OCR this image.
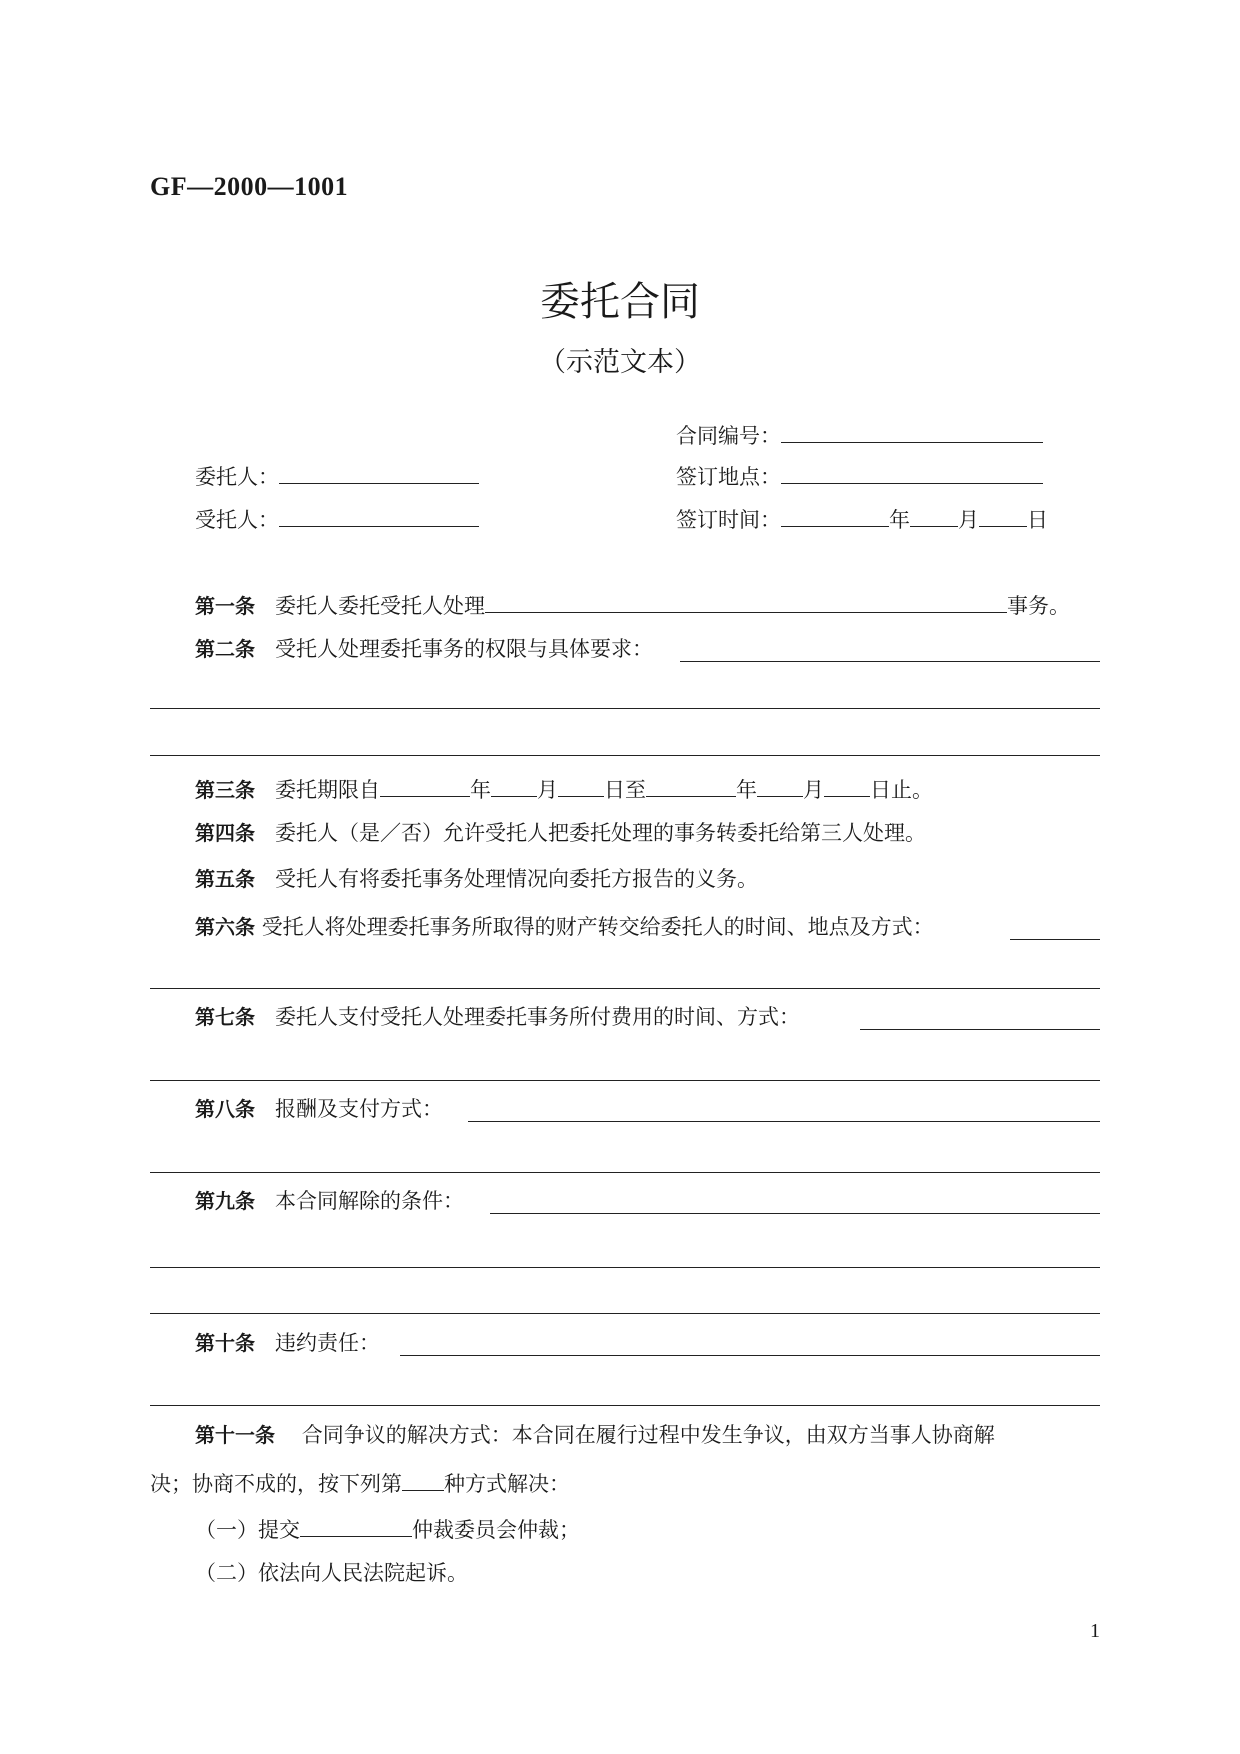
GF—2000—1001
委托合同
（示范文本）
合同编号：
委托人：	签订地点：
受托人：	签订时间：	年 月 日
第一条 委托人委托受托人处理	事务。
第二条 受托人处理委托事务的权限与具体要求：
第三条 委托期限自	年 月 日至	年 月 日止。
第四条 委托人（是／否）允许受托人把委托处理的事务转委托给第三人处理。
第五条 受托人有将委托事务处理情况向委托方报告的义务。
第六条 受托人将处理委托事务所取得的财产转交给委托人的时间、地点及方式：
第七条 委托人支付受托人处理委托事务所付费用的时间、方式：
第八条 报酬及支付方式：
第九条 本合同解除的条件：
第十条 违约责任：
第十一条 合同争议的解决方式：本合同在履行过程中发生争议，由双方当事人协商解
决；协商不成的，按下列第 种方式解决：
（一）提交	仲裁委员会仲裁；
（二）依法向人民法院起诉。
1
